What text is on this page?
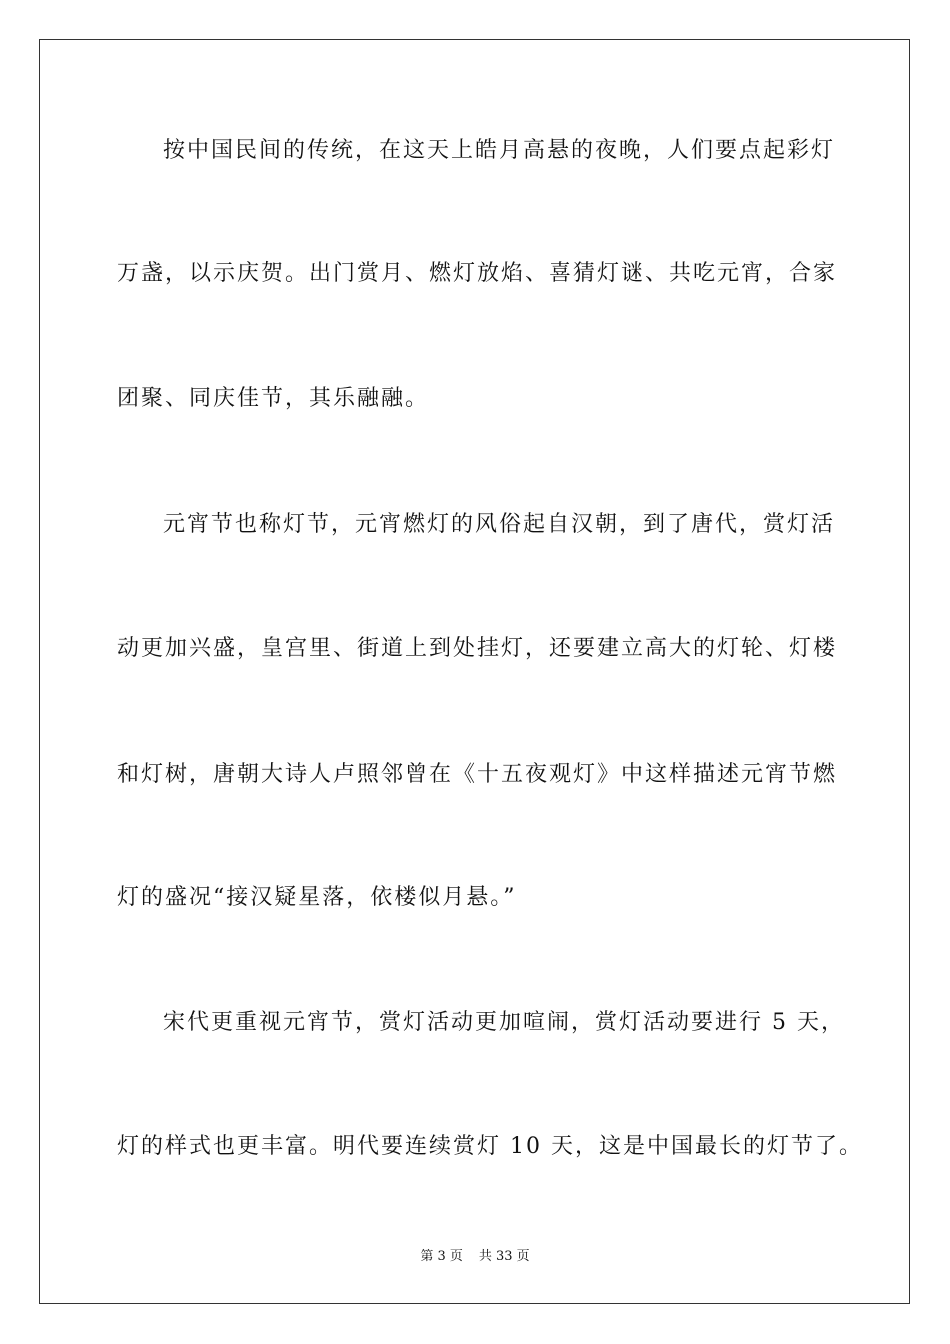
按中国民间的传统，在这天上皓月高悬的夜晚，人们要点起彩灯
万盏，以示庆贺。出门赏月、燃灯放焰、喜猜灯谜、共吃元宵，合家
团聚、同庆佳节，其乐融融。
元宵节也称灯节，元宵燃灯的风俗起自汉朝，到了唐代，赏灯活
动更加兴盛，皇宫里、街道上到处挂灯，还要建立高大的灯轮、灯楼
和灯树，唐朝大诗人卢照邻曾在《十五夜观灯》中这样描述元宵节燃
灯的盛况“接汉疑星落，依楼似月悬。”
宋代更重视元宵节，赏灯活动更加喧闹，赏灯活动要进行 5 天，
灯的样式也更丰富。明代要连续赏灯 10 天，这是中国最长的灯节了。
第 3 页 共 33 页
